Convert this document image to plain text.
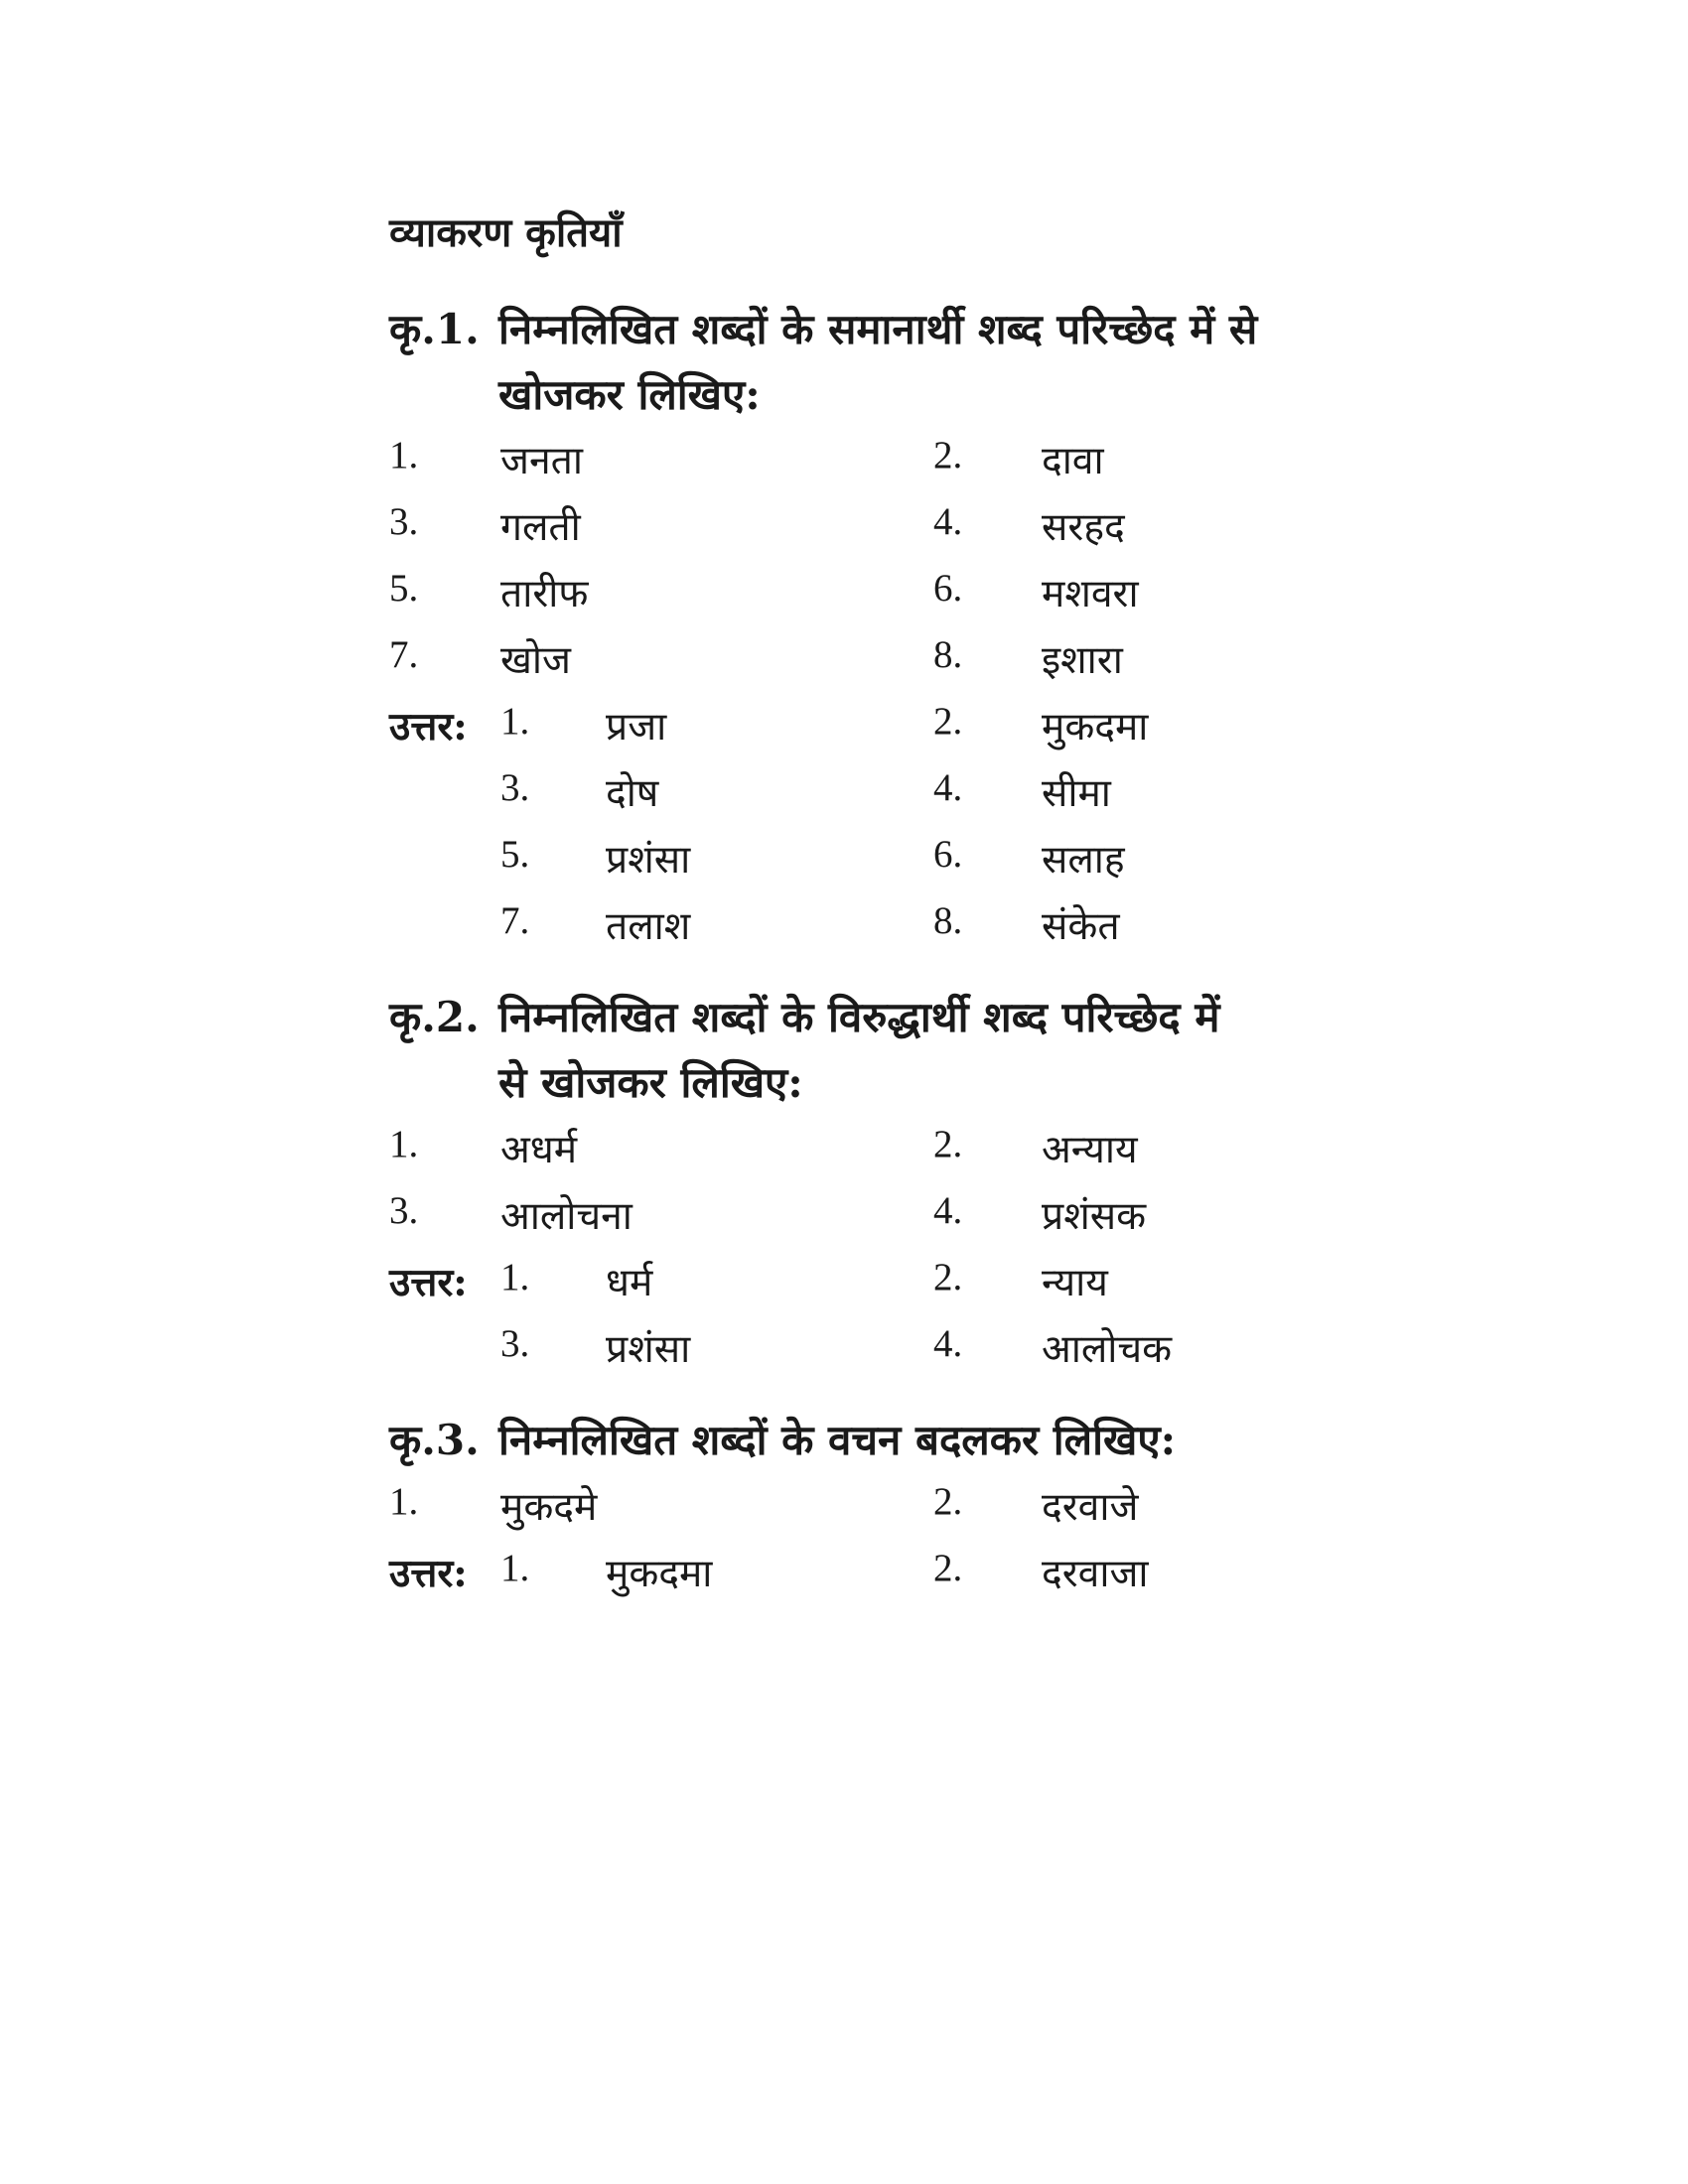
व्याकरण कृतियाँ
कृ.1. निम्नलिखित शब्दों के समानार्थी शब्द परिच्छेद में से
खोजकर लिखिए:
1. जनता	2. दावा
3. गलती	4. सरहद
5. तारीफ	6. मशवरा
7. खोज	8. इशारा
उत्तर: 1. प्रजा	2. मुकदमा
3. दोष	4. सीमा
5. प्रशंसा	6. सलाह
7. तलाश	8. संकेत
कृ.2. निम्नलिखित शब्दों के विरुद्धार्थी शब्द परिच्छेद में
से खोजकर लिखिए:
1. अधर्म	2. अन्याय
3. आलोचना	4. प्रशंसक
उत्तर: 1. धर्म	2. न्याय
3. प्रशंसा	4. आलोचक
कृ.3. निम्नलिखित शब्दों के वचन बदलकर लिखिए:
1. मुकदमे	2. दरवाजे
उत्तर: 1. मुकदमा	2. दरवाजा
